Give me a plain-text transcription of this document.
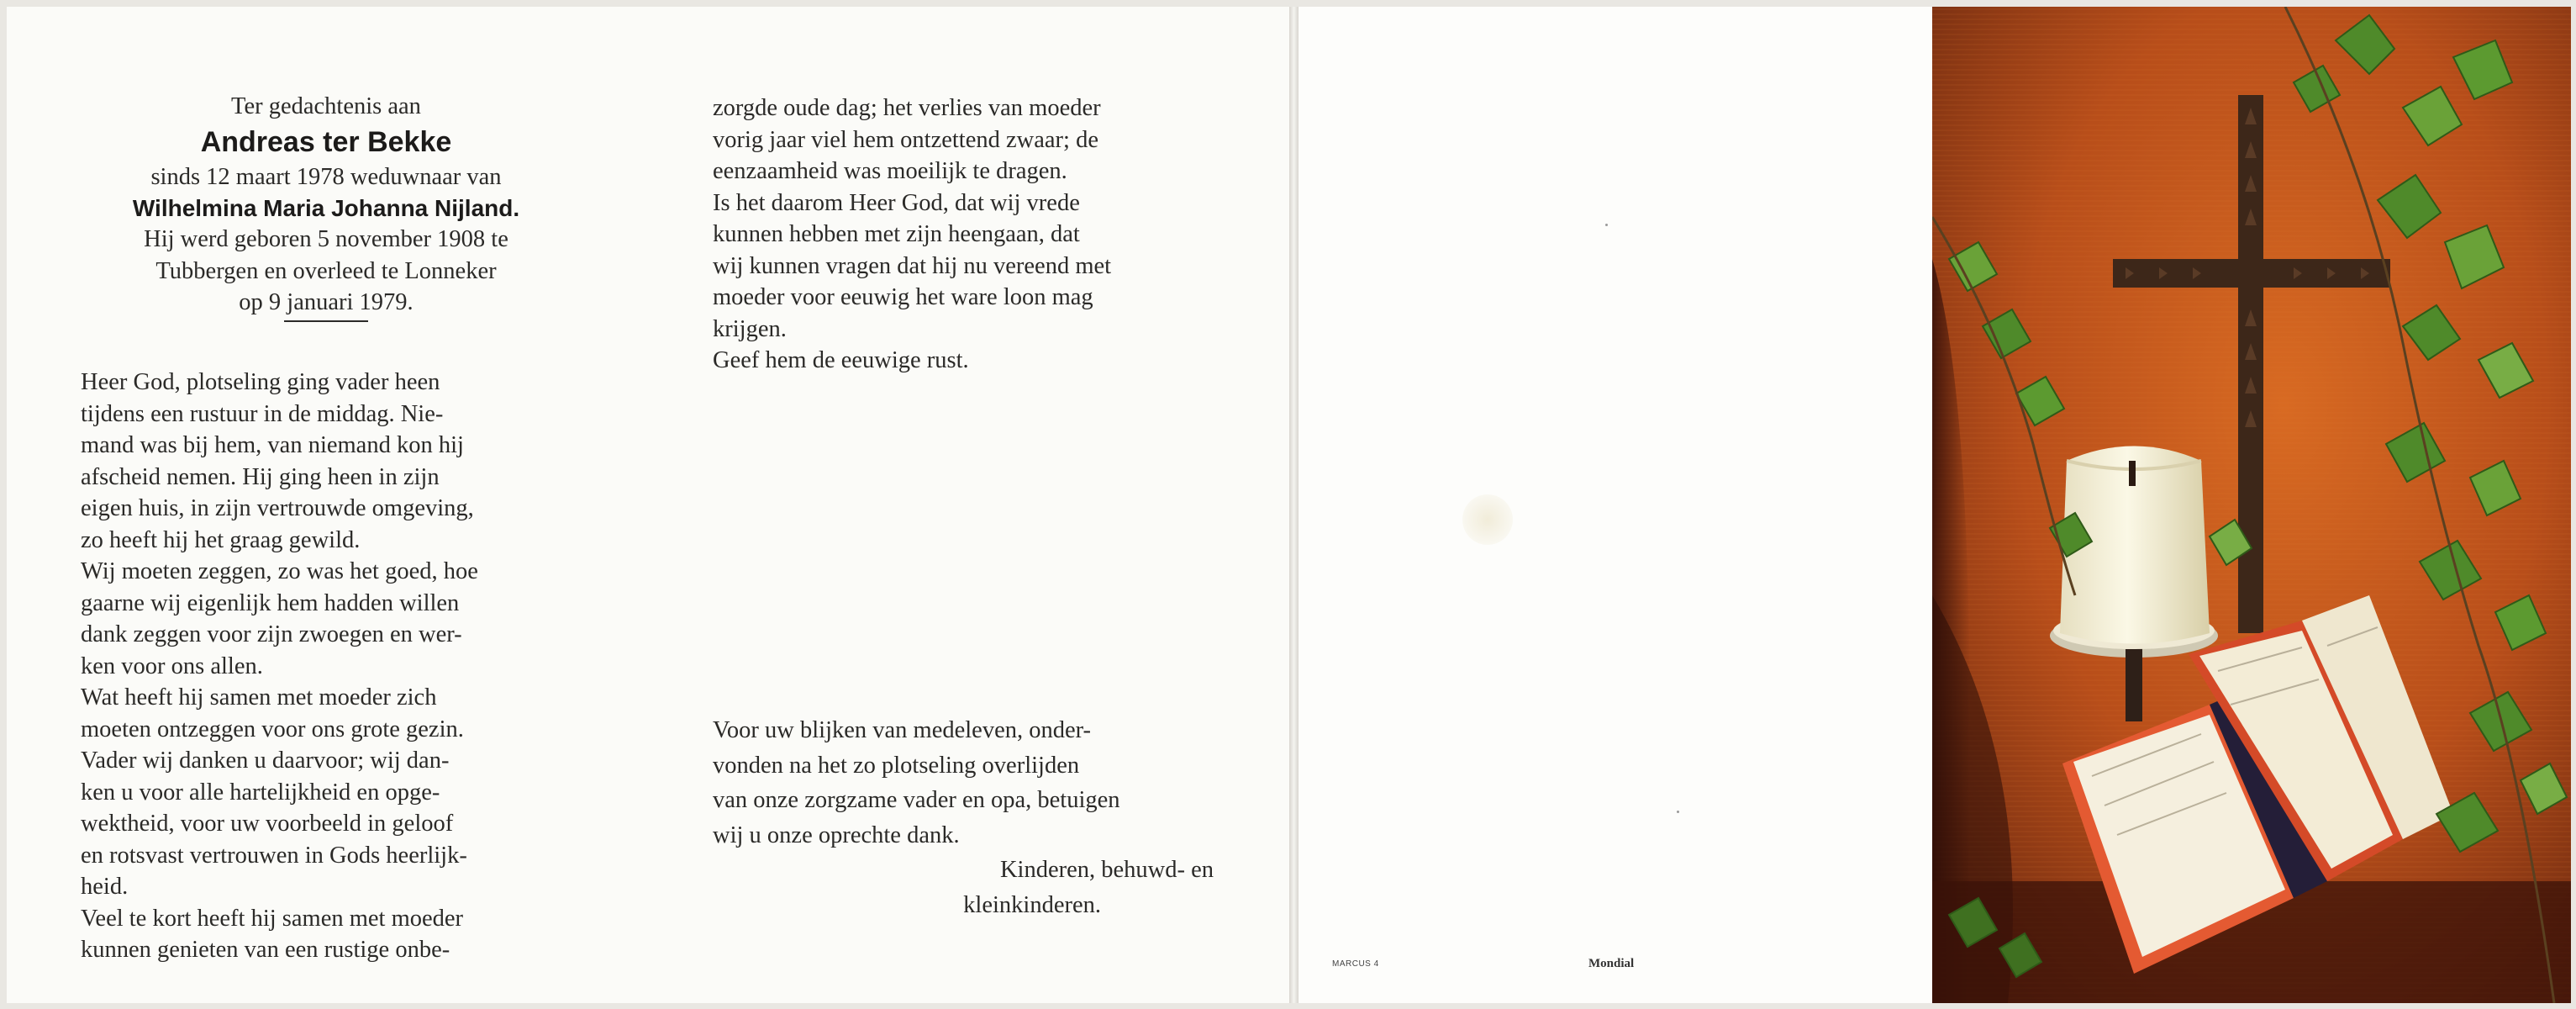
Ter gedachtenis aan
Andreas ter Bekke
sinds 12 maart 1978 weduwnaar van
Wilhelmina Maria Johanna Nijland.
Hij werd geboren 5 november 1908 te
Tubbergen en overleed te Lonneker
op 9 januari 1979.
Heer God, plotseling ging vader heen
tijdens een rustuur in de middag. Nie-
mand was bij hem, van niemand kon hij
afscheid nemen. Hij ging heen in zijn
eigen huis, in zijn vertrouwde omgeving,
zo heeft hij het graag gewild.
Wij moeten zeggen, zo was het goed, hoe
gaarne wij eigenlijk hem hadden willen
dank zeggen voor zijn zwoegen en wer-
ken voor ons allen.
Wat heeft hij samen met moeder zich
moeten ontzeggen voor ons grote gezin.
Vader wij danken u daarvoor; wij dan-
ken u voor alle hartelijkheid en opge-
wektheid, voor uw voorbeeld in geloof
en rotsvast vertrouwen in Gods heerlijk-
heid.
Veel te kort heeft hij samen met moeder
kunnen genieten van een rustige onbe-
zorgde oude dag; het verlies van moeder
vorig jaar viel hem ontzettend zwaar; de
eenzaamheid was moeilijk te dragen.
Is het daarom Heer God, dat wij vrede
kunnen hebben met zijn heengaan, dat
wij kunnen vragen dat hij nu vereend met
moeder voor eeuwig het ware loon mag
krijgen.
Geef hem de eeuwige rust.
Voor uw blijken van medeleven, onder-
vonden na het zo plotseling overlijden
van onze zorgzame vader en opa, betuigen
wij u onze oprechte dank.
Kinderen, behuwd- en
kleinkinderen.
MARCUS 4	Mondial
